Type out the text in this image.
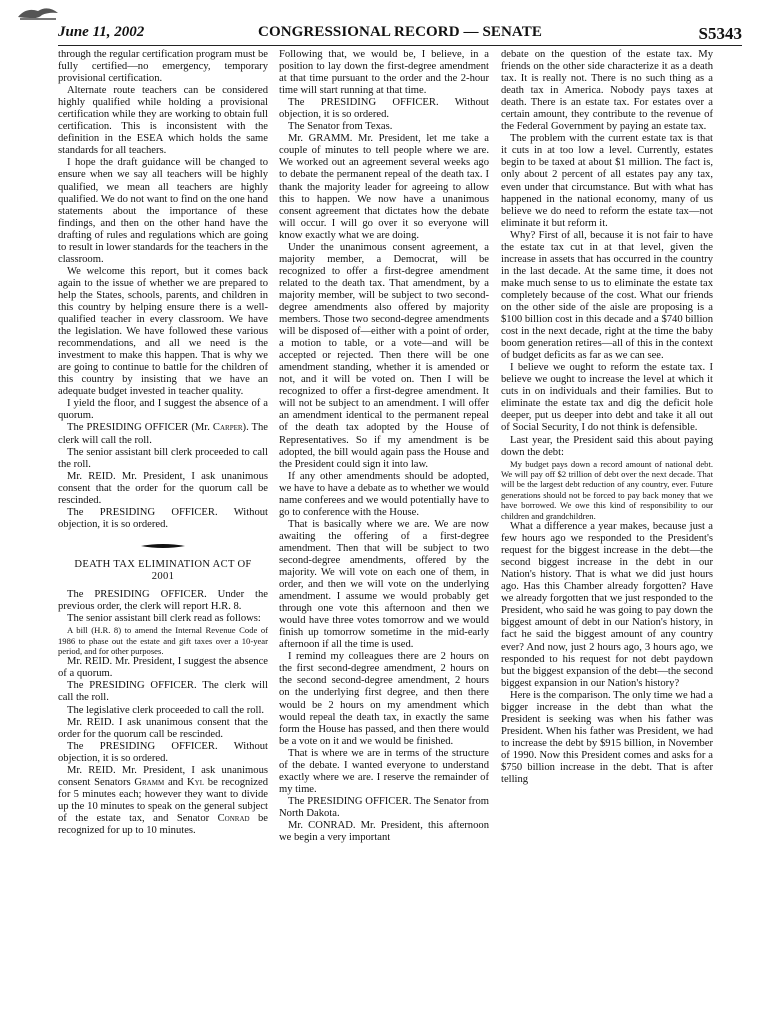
June 11, 2002	CONGRESSIONAL RECORD — SENATE	S5343

through the regular certification program must be fully certified—no emergency, temporary provisional certification.

Alternate route teachers can be considered highly qualified while holding a provisional certification while they are working to obtain full certification. This is inconsistent with the definition in the ESEA which holds the same standards for all teachers.

I hope the draft guidance will be changed to ensure when we say all teachers will be highly qualified, we mean all teachers are highly qualified. We do not want to find on the one hand statements about the importance of these findings, and then on the other hand have the drafting of rules and regulations which are going to result in lower standards for the teachers in the classroom.

We welcome this report, but it comes back again to the issue of whether we are prepared to help the States, schools, parents, and children in this country by helping ensure there is a well-qualified teacher in every classroom. We have the legislation. We have followed these various recommendations, and all we need is the investment to make this happen. That is why we are going to continue to battle for the children of this country by insisting that we have an adequate budget invested in teacher quality.

I yield the floor, and I suggest the absence of a quorum.

The PRESIDING OFFICER (Mr. Carper). The clerk will call the roll.

The senior assistant bill clerk proceeded to call the roll.

Mr. REID. Mr. President, I ask unanimous consent that the order for the quorum call be rescinded.

The PRESIDING OFFICER. Without objection, it is so ordered.

DEATH TAX ELIMINATION ACT OF
2001

The PRESIDING OFFICER. Under the previous order, the clerk will report H.R. 8.

The senior assistant bill clerk read as follows:

A bill (H.R. 8) to amend the Internal Revenue Code of 1986 to phase out the estate and gift taxes over a 10-year period, and for other purposes.

Mr. REID. Mr. President, I suggest the absence of a quorum.

The PRESIDING OFFICER. The clerk will call the roll.

The legislative clerk proceeded to call the roll.

Mr. REID. I ask unanimous consent that the order for the quorum call be rescinded.

The PRESIDING OFFICER. Without objection, it is so ordered.

Mr. REID. Mr. President, I ask unanimous consent Senators Gramm and Kyl be recognized for 5 minutes each; however they want to divide up the 10 minutes to speak on the general subject of the estate tax, and Senator Conrad be recognized for up to 10 minutes.

Following that, we would be, I believe, in a position to lay down the first-degree amendment at that time pursuant to the order and the 2-hour time will start running at that time.

The PRESIDING OFFICER. Without objection, it is so ordered.

The Senator from Texas.

Mr. GRAMM. Mr. President, let me take a couple of minutes to tell people where we are. We worked out an agreement several weeks ago to debate the permanent repeal of the death tax. I thank the majority leader for agreeing to allow this to happen. We now have a unanimous consent agreement that dictates how the debate will occur. I will go over it so everyone will know exactly what we are doing.

Under the unanimous consent agreement, a majority member, a Democrat, will be recognized to offer a first-degree amendment related to the death tax. That amendment, by a majority member, will be subject to two second-degree amendments also offered by majority members. Those two second-degree amendments will be disposed of—either with a point of order, a motion to table, or a vote—and will be accepted or rejected. Then there will be one amendment standing, whether it is amended or not, and it will be voted on. Then I will be recognized to offer a first-degree amendment. It will not be subject to an amendment. I will offer an amendment identical to the permanent repeal of the death tax adopted by the House of Representatives. So if my amendment is be adopted, the bill would again pass the House and the President could sign it into law.

If any other amendments should be adopted, we have to have a debate as to whether we would name conferees and we would potentially have to go to conference with the House.

That is basically where we are. We are now awaiting the offering of a first-degree amendment. Then that will be subject to two second-degree amendments, offered by the majority. We will vote on each one of them, in order, and then we will vote on the underlying amendment. I assume we would probably get through one vote this afternoon and then we would have three votes tomorrow and we would finish up tomorrow sometime in the mid-early afternoon if all the time is used.

I remind my colleagues there are 2 hours on the first second-degree amendment, 2 hours on the second second-degree amendment, 2 hours on the underlying first degree, and then there would be 2 hours on my amendment which would repeal the death tax, in exactly the same form the House has passed, and then there would be a vote on it and we would be finished.

That is where we are in terms of the structure of the debate. I wanted everyone to understand exactly where we are. I reserve the remainder of my time.

The PRESIDING OFFICER. The Senator from North Dakota.

Mr. CONRAD. Mr. President, this afternoon we begin a very important

debate on the question of the estate tax. My friends on the other side characterize it as a death tax. It is really not. There is no such thing as a death tax in America. Nobody pays taxes at death. There is an estate tax. For estates over a certain amount, they contribute to the revenue of the Federal Government by paying an estate tax.

The problem with the current estate tax is that it cuts in at too low a level. Currently, estates begin to be taxed at about $1 million. The fact is, only about 2 percent of all estates pay any tax, even under that circumstance. But with what has happened in the national economy, many of us believe we do need to reform the estate tax—not eliminate it but reform it.

Why? First of all, because it is not fair to have the estate tax cut in at that level, given the increase in assets that has occurred in the country in the last decade. At the same time, it does not make much sense to us to eliminate the estate tax completely because of the cost. What our friends on the other side of the aisle are proposing is a $100 billion cost in this decade and a $740 billion cost in the next decade, right at the time the baby boom generation retires—all of this in the context of budget deficits as far as we can see.

I believe we ought to reform the estate tax. I believe we ought to increase the level at which it cuts in on individuals and their families. But to eliminate the estate tax and dig the deficit hole deeper, put us deeper into debt and take it all out of Social Security, I do not think is defensible.

Last year, the President said this about paying down the debt:

My budget pays down a record amount of national debt. We will pay off $2 trillion of debt over the next decade. That will be the largest debt reduction of any country, ever. Future generations should not be forced to pay back money that we have borrowed. We owe this kind of responsibility to our children and grandchildren.

What a difference a year makes, because just a few hours ago we responded to the President's request for the biggest increase in the debt—the second biggest increase in the debt in our Nation's history. That is what we did just hours ago. Has this Chamber already forgotten? Have we already forgotten that we just responded to the President, who said he was going to pay down the biggest amount of debt in our Nation's history, in fact he said the biggest amount of any country ever? And now, just 2 hours ago, 3 hours ago, we responded to his request for not debt paydown but the biggest expansion of the debt—the second biggest expansion in our Nation's history?

Here is the comparison. The only time we had a bigger increase in the debt than what the President is seeking was when his father was President. When his father was President, we had to increase the debt by $915 billion, in November of 1990. Now this President comes and asks for a $750 billion increase in the debt. That is after telling
